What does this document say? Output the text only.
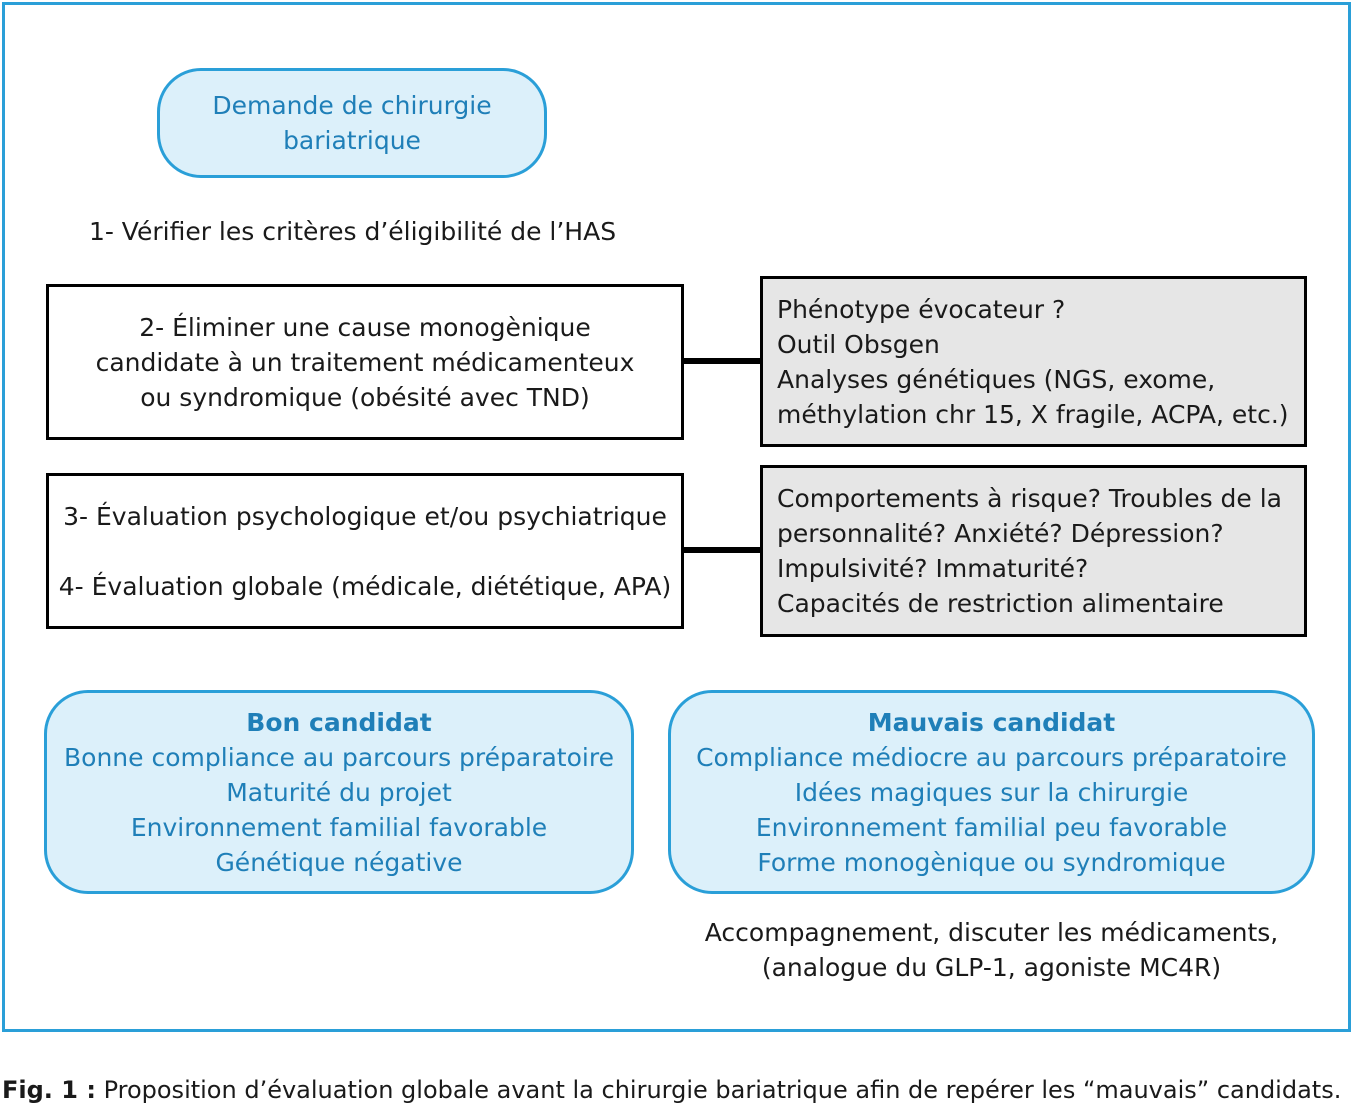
Demande de chirurgie
bariatrique
1- Vérifier les critères d’éligibilité de l’HAS
2- Éliminer une cause monogènique
candidate à un traitement médicamenteux
ou syndromique (obésité avec TND)
Phénotype évocateur ?
Outil Obsgen
Analyses génétiques (NGS, exome,
méthylation chr 15, X fragile, ACPA, etc.)
3- Évaluation psychologique et/ou psychiatrique
4- Évaluation globale (médicale, diététique, APA)
Comportements à risque? Troubles de la
personnalité? Anxiété? Dépression?
Impulsivité? Immaturité?
Capacités de restriction alimentaire
Bon candidat
Bonne compliance au parcours préparatoire
Maturité du projet
Environnement familial favorable
Génétique négative
Mauvais candidat
Compliance médiocre au parcours préparatoire
Idées magiques sur la chirurgie
Environnement familial peu favorable
Forme monogènique ou syndromique
Accompagnement, discuter les médicaments,
(analogue du GLP-1, agoniste MC4R)
Fig. 1 : Proposition d’évaluation globale avant la chirurgie bariatrique afin de repérer les “mauvais” candidats.
